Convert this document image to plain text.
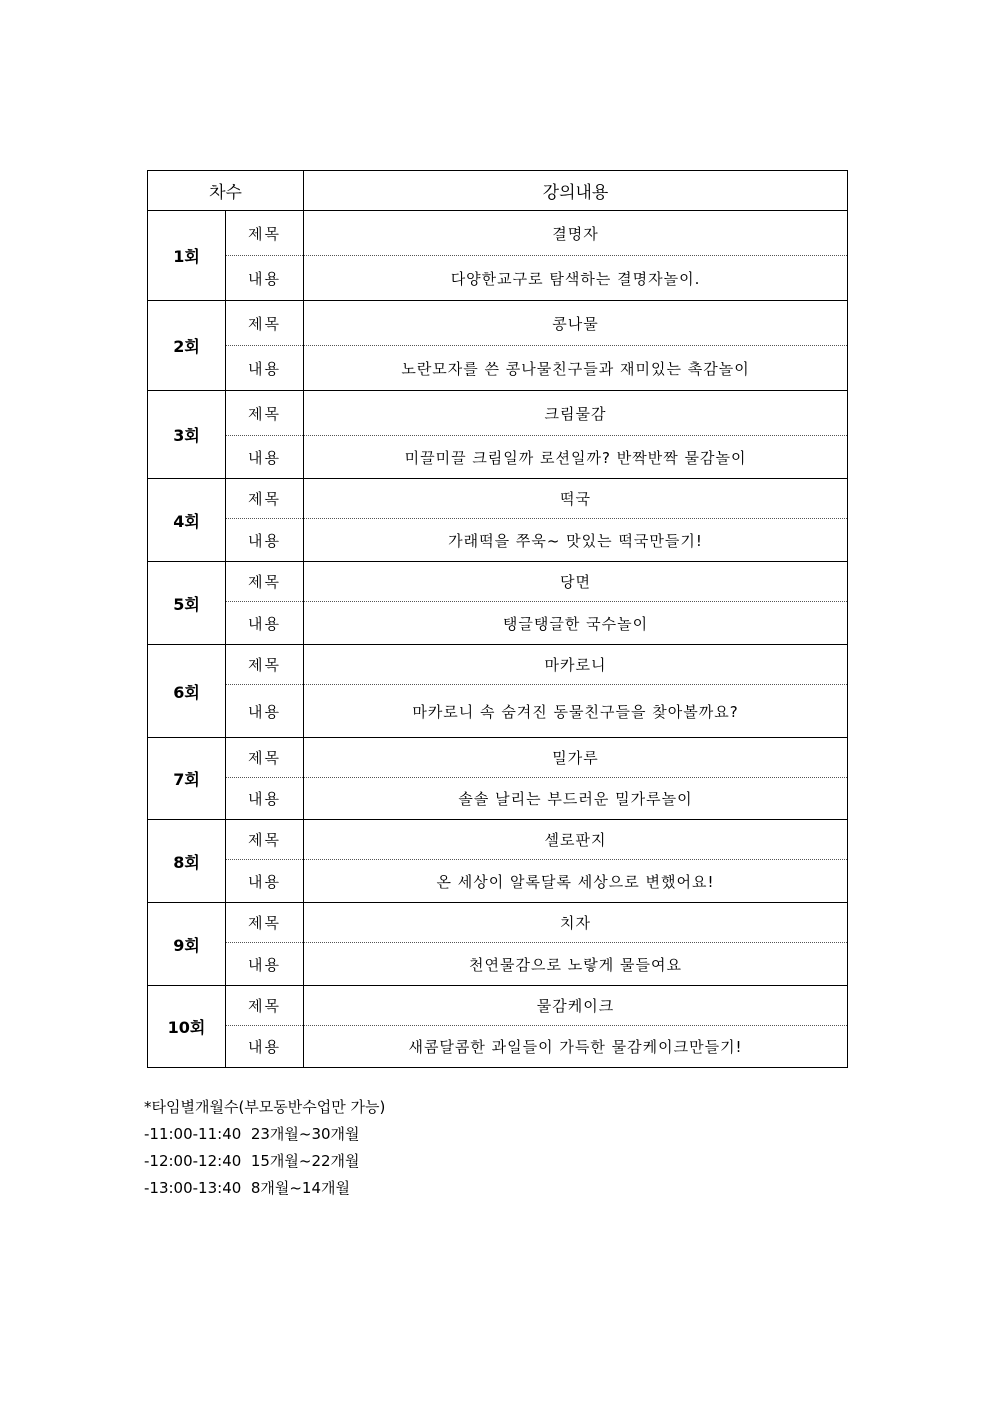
차수		강의내용
1회	제목	결명자
	내용	다양한교구로 탐색하는 결명자놀이.
2회	제목	콩나물
	내용	노란모자를 쓴 콩나물친구들과 재미있는 촉감놀이
3회	제목	크림물감
	내용	미끌미끌 크림일까 로션일까? 반짝반짝 물감놀이
4회	제목	떡국
	내용	가래떡을 쭈욱~ 맛있는 떡국만들기!
5회	제목	당면
	내용	탱글탱글한 국수놀이
6회	제목	마카로니
	내용	마카로니 속 숨겨진 동물친구들을 찾아볼까요?
7회	제목	밀가루
	내용	솔솔 날리는 부드러운 밀가루놀이
8회	제목	셀로판지
	내용	온 세상이 알록달록 세상으로 변했어요!
9회	제목	치자
	내용	천연물감으로 노랗게 물들여요
10회	제목	물감케이크
	내용	새콤달콤한 과일들이 가득한 물감케이크만들기!
*타임별개월수(부모동반수업만 가능)
-11:00-11:40  23개월~30개월
-12:00-12:40  15개월~22개월
-13:00-13:40  8개월~14개월
